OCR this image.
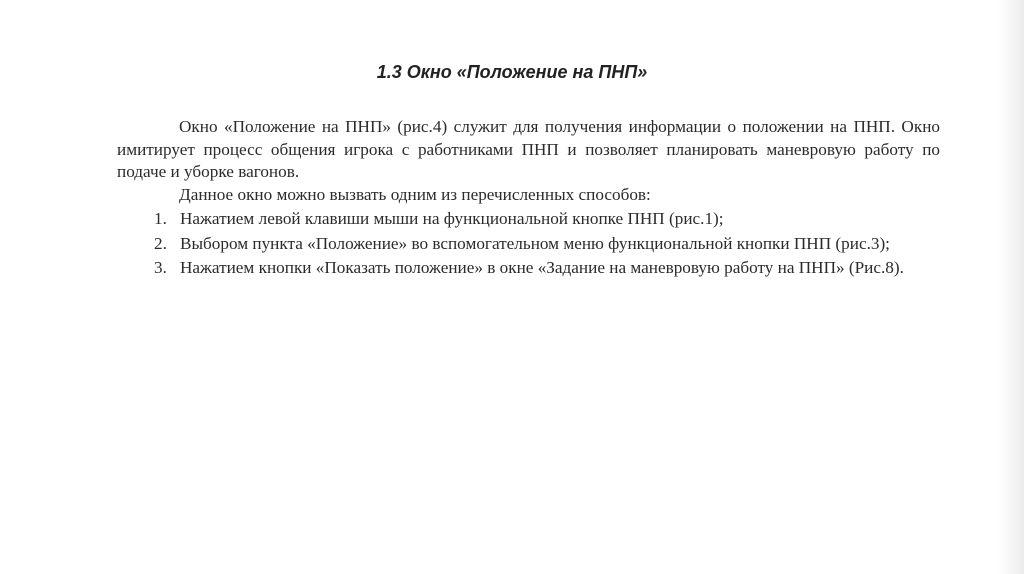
1.3 Окно «Положение на ПНП»

Окно «Положение на ПНП» (рис.4) служит для получения информации о положении на ПНП. Окно имитирует процесс общения игрока с работниками ПНП и позволяет планировать маневровую работу по подаче и уборке вагонов.

Данное окно можно вызвать одним из перечисленных способов:

1. Нажатием левой клавиши мыши на функциональной кнопке ПНП (рис.1);
2. Выбором пункта «Положение» во вспомогательном меню функциональной кнопки ПНП (рис.3);
3. Нажатием кнопки «Показать положение» в окне «Задание на маневровую работу на ПНП» (Рис.8).
